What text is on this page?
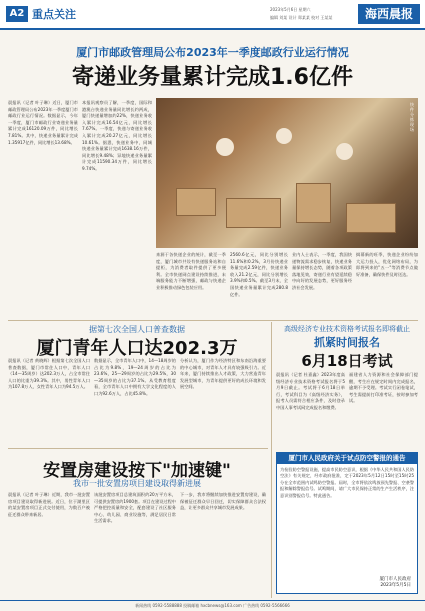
A2 重点关注	2023年5月6日 星期六
编辑 刘某 设计 郑某某 校对 王某某	海西晨报
厦门市邮政管理局公布2023年一季度邮政行业运行情况
寄递业务量累计完成1.6亿件
晨报讯（记者 叶子琳）近日，厦门市邮政管理局公布2023年一季度厦门市邮政行业运行情况。数据显示，今年一季度，厦门市邮政行业寄递业务量累计完成16120.09万件，同比增长7.81%。其中，快递业务量累计完成1.35917亿件，同比增长13.68%。
本报讯观察员了解，一季度，国际和港澳台快递业务量同比增长约两成，厦门快递量增加约22%，快递业务收入累计完成16.54亿元，同比增长7.67%。一季度，快递与寄递业务收入累计完成20.27亿元，同比增长10.61%。据悉，快递业务中，同城快递业务量累计完成1638.16万件，同比增长9.48%；异地快递业务量累计完成11590.34万件，同比增长9.74%。
快件分拣现场
来源于各快递企业的统计，截至一季度，厦门城市共设有快递服务站和自提柜，为消费者取件提供了更多便利。全市快递网点建设持续推进，末端服务能力不断增强，邮政与快递企业积极推动绿色包装应用。
2560.6亿元，同比分别增长11.6%和0.2%，3月份快递业务量完成2.59亿件，快递业务收入21.2亿元，同比分别增长3.9%和0.5%。截至3月末，全国快递业务量累计完成280.8亿件。
业内人士表示，一季度，我国快递物流需求稳步恢复，快递业务量保持增长态势，随着各项政策落地见效，寄递行业有望延续稳中向好的发展态势，更好服务经济社会发展。
揭幕新的旺季，快递企业纷纷加大运力投入，优化网络布局，为即将到来的"五一"等消费节点做好准备，确保快件及时送达。
据第七次全国人口普查数据
厦门青年人口达202.3万
晨报讯（记者 黄晓辉）根据第七次全国人口普查数据，厦门市常住人口中，青年人口（14—35周岁）达202.3万人，占全市常住人口的比重为39.3%。其中，男性青年人口为107.8万人，女性青年人口为94.5万人。
数据显示，全市青年人口中，14—18周岁的占比为9.8%，19—24周岁的占比为23.6%，25—29周岁的占比为29.5%，30—35周岁的占比为37.1%。从受教育程度看，全市青年人口中拥有大学文化程度的人口为92.6万人，占比45.8%。
分析认为，厦门作为经济特区和东南沿海重要的中心城市，对青年人才具有较强吸引力。近年来，厦门持续推出人才政策，大力营造青年发展型城市，为青年提供更好的成长环境和发展空间。
高级经济专业技术资格考试报名即将截止
抓紧时间报名
6月18日考试
晨报讯（记者 杜嘉鑫）2023年度高级经济专业技术资格考试报名将于5月9日截止。考试将于6月18日举行，考试科目为《高级经济实务》，报考人员需符合相应条件，及时登录中国人事考试网完成报名和缴费。
福建省人力资源和社会保障部门提醒，考生应在规定时间内完成报名，逾期不予受理。考试实行闭卷笔试，考生需提前打印准考证，按时参加考试。
安置房建设按下"加速键"
我市一批安置房项目建设取得新进展
晨报讯（记者 叶子琳）近期，我市一批安置房项目建设取得新进展。近日，位于湖里区的某安置房项目正式交付使用，为数百户被征迁群众带来新居。
该批安置房项目总建筑面积约20万平方米，可提供安置房约1900套。项目在建设过程中严格把控质量和安全，配套建设了社区服务中心、幼儿园、商业设施等，满足居民日常生活需求。
下一步，我市将继续加快推进安置房建设，确保被征迁群众早日回迁，切实保障群众合法权益，让更多群众共享城市发展成果。
厦门市人民政府关于试点防空警报的通告
为检验防空警报设施，提高市民防空意识，根据《中华人民共和国人民防空法》有关规定，经市政府批准，定于2023年5月12日15时至15时25分在全市范围内试鸣防空警报。届时，全市将依次鸣放预先警报、空袭警报和解除警报信号。试鸣期间，请广大市民保持正常的生产生活秩序，注意识别警报信号。特此通告。
厦门市人民政府
2023年5月5日
新闻热线 0592-5588888 投稿邮箱 hxcbnews@163.com 广告热线 0592-5566666
